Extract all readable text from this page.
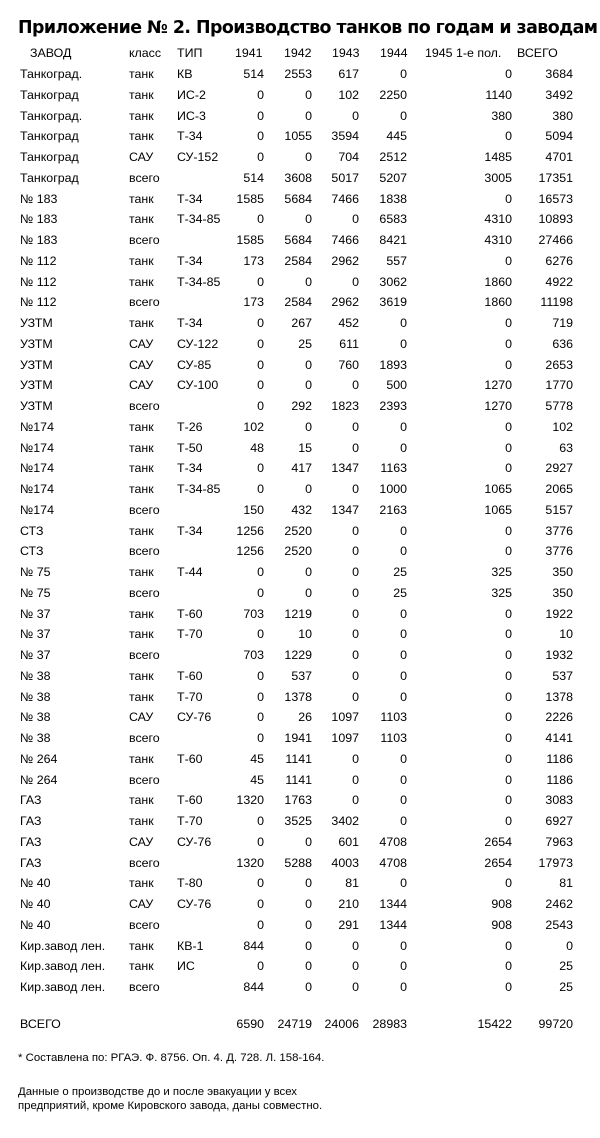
Приложение № 2. Производство танков по годам и заводам
ЗАВОД	класс ТИП	1941 1942 1943 1944 1945 1-е пол. ВСЕГО
Танкоград.	танк КВ	514 2553 617	0	0	3684
Танкоград	танк ИС-2	0	0 102 2250	1140	3492
Танкоград.	танк ИС-3	0	0	0	0	380	380
Танкоград	танк Т-34	0 1055 3594 445	0	5094
Танкоград	САУ СУ-152	0	0 704 2512	1485	4701
Танкоград	всего	514 3608 5017 5207	3005 17351
№ 183	танк Т-34	1585 5684 7466 1838	0 16573
№ 183	танк Т-34-85	0	0	0 6583	4310 10893
№ 183	всего	1585 5684 7466 8421	4310 27466
№ 112	танк Т-34	173 2584 2962 557	0	6276
№ 112	танк Т-34-85	0	0	0 3062	1860	4922
№ 112	всего	173 2584 2962 3619	1860 11198
УЗТМ	танк Т-34	0 267 452	0	0	719
УЗТМ	САУ СУ-122	0	25 611	0	0	636
УЗТМ	САУ СУ-85	0	0 760 1893	0	2653
УЗТМ	САУ СУ-100	0	0	0 500	1270	1770
УЗТМ	всего	0 292 1823 2393	1270	5778
№174	танк Т-26	102	0	0	0	0	102
№174	танк Т-50	48	15	0	0	0	63
№174	танк Т-34	0 417 1347 1163	0	2927
№174	танк Т-34-85	0	0	0 1000	1065	2065
№174	всего	150 432 1347 2163	1065	5157
СТЗ	танк Т-34	1256 2520	0	0	0	3776
СТЗ	всего	1256 2520	0	0	0	3776
№ 75	танк Т-44	0	0	0	25	325	350
№ 75	всего	0	0	0	25	325	350
№ 37	танк Т-60	703 1219	0	0	0	1922
№ 37	танк Т-70	0	10	0	0	0	10
№ 37	всего	703 1229	0	0	0	1932
№ 38	танк Т-60	0 537	0	0	0	537
№ 38	танк Т-70	0 1378	0	0	0	1378
№ 38	САУ СУ-76	0	26 1097 1103	0	2226
№ 38	всего	0 1941 1097 1103	0	4141
№ 264	танк Т-60	45 1141	0	0	0	1186
№ 264	всего	45 1141	0	0	0	1186
ГАЗ	танк Т-60	1320 1763	0	0	0	3083
ГАЗ	танк Т-70	0 3525 3402	0	0	6927
ГАЗ	САУ СУ-76	0	0 601 4708	2654	7963
ГАЗ	всего	1320 5288 4003 4708	2654 17973
№ 40	танк Т-80	0	0	81	0	0	81
№ 40	САУ СУ-76	0	0 210 1344	908	2462
№ 40	всего	0	0 291 1344	908	2543
Кир.завод лен. танк КВ-1	844	0	0	0	0	0
Кир.завод лен. танк ИС	0	0	0	0	0	25
Кир.завод лен. всего	844	0	0	0	0	25
ВСЕГО	6590 24719 24006 28983	15422 99720
* Составлена по: РГАЭ. Ф. 8756. Оп. 4. Д. 728. Л. 158-164.
Данные о производстве до и после эвакуации у всех предприятий, кроме Кировского завода, даны совместно.
